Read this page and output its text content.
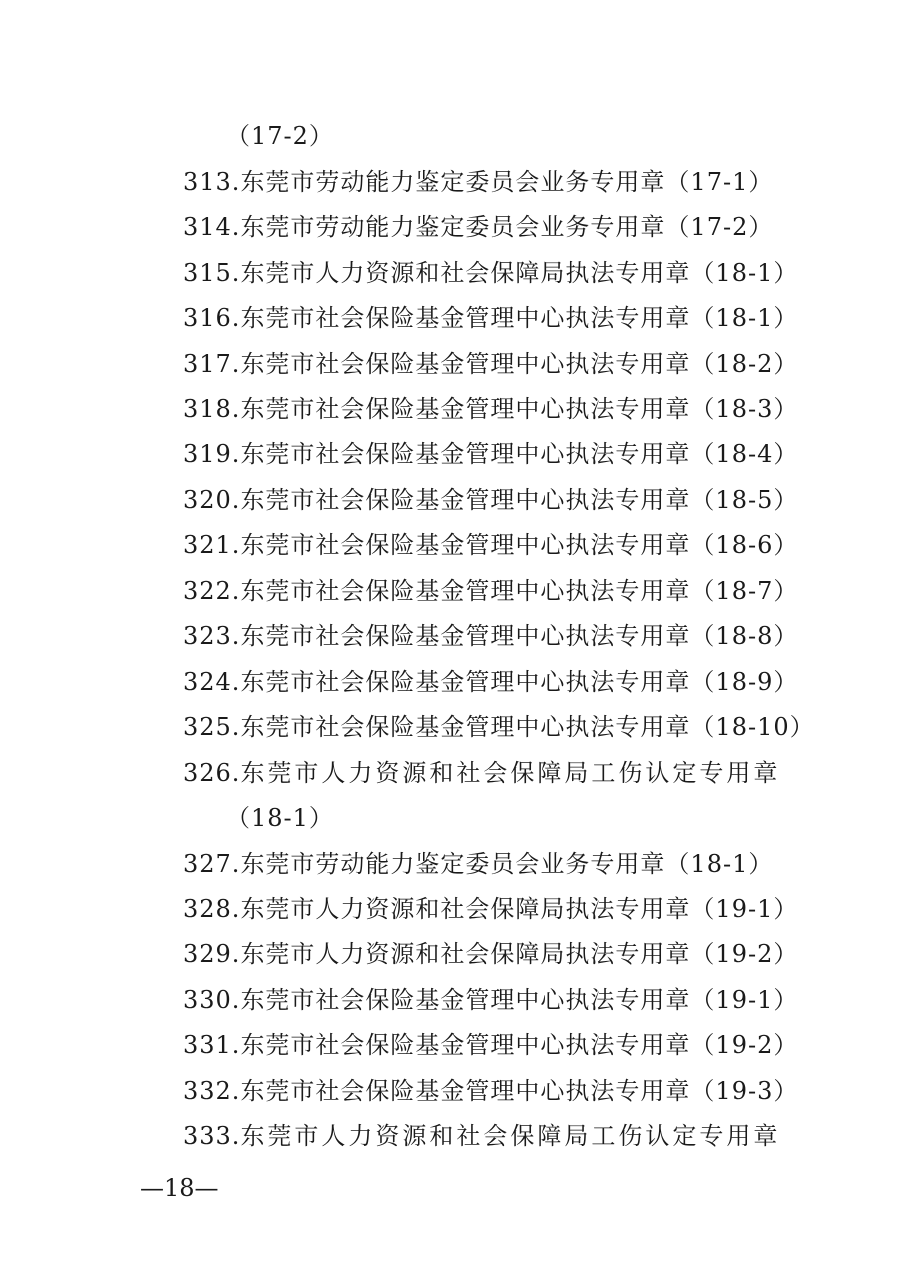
（17-2）
313.东莞市劳动能力鉴定委员会业务专用章（17-1）
314.东莞市劳动能力鉴定委员会业务专用章（17-2）
315.东莞市人力资源和社会保障局执法专用章（18-1）
316.东莞市社会保险基金管理中心执法专用章（18-1）
317.东莞市社会保险基金管理中心执法专用章（18-2）
318.东莞市社会保险基金管理中心执法专用章（18-3）
319.东莞市社会保险基金管理中心执法专用章（18-4）
320.东莞市社会保险基金管理中心执法专用章（18-5）
321.东莞市社会保险基金管理中心执法专用章（18-6）
322.东莞市社会保险基金管理中心执法专用章（18-7）
323.东莞市社会保险基金管理中心执法专用章（18-8）
324.东莞市社会保险基金管理中心执法专用章（18-9）
325.东莞市社会保险基金管理中心执法专用章（18-10）
326.东莞市人力资源和社会保障局工伤认定专用章
（18-1）
327.东莞市劳动能力鉴定委员会业务专用章（18-1）
328.东莞市人力资源和社会保障局执法专用章（19-1）
329.东莞市人力资源和社会保障局执法专用章（19-2）
330.东莞市社会保险基金管理中心执法专用章（19-1）
331.东莞市社会保险基金管理中心执法专用章（19-2）
332.东莞市社会保险基金管理中心执法专用章（19-3）
333.东莞市人力资源和社会保障局工伤认定专用章
—18—
